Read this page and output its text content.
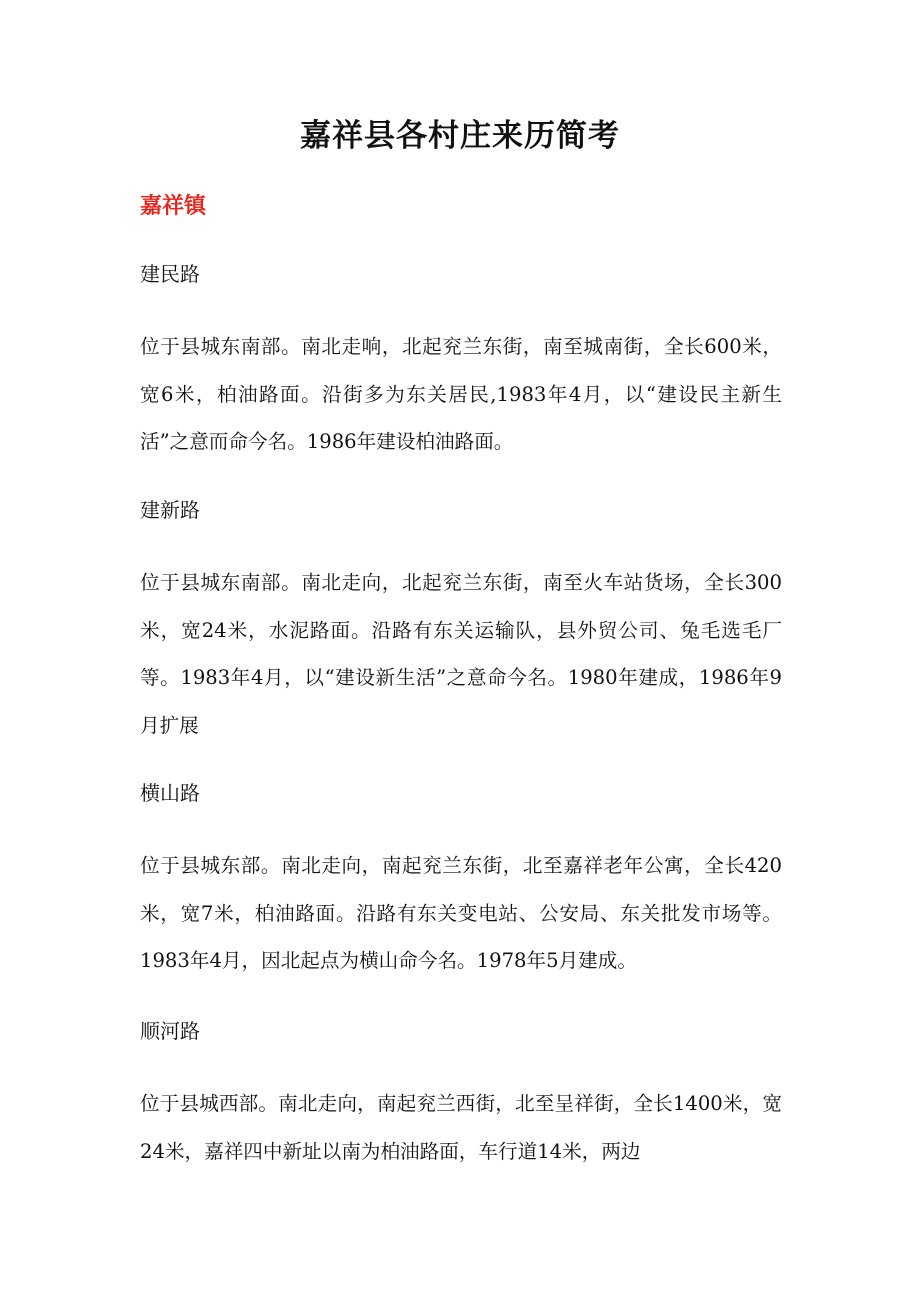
嘉祥县各村庄来历简考
嘉祥镇

建民路

位于县城东南部。南北走响，北起兖兰东街，南至城南街，全长600米，宽6米，柏油路面。沿街多为东关居民,1983年4月，以“建设民主新生活”之意而命今名。1986年建设柏油路面。

建新路

位于县城东南部。南北走向，北起兖兰东街，南至火车站货场，全长300米，宽24米，水泥路面。沿路有东关运输队，县外贸公司、兔毛选毛厂等。1983年4月，以“建设新生活”之意命今名。1980年建成，1986年9月扩展

横山路

位于县城东部。南北走向，南起兖兰东街，北至嘉祥老年公寓，全长420米，宽7米，柏油路面。沿路有东关变电站、公安局、东关批发市场等。1983年4月，因北起点为横山命今名。1978年5月建成。

顺河路

位于县城西部。南北走向，南起兖兰西街，北至呈祥街，全长1400米，宽24米，嘉祥四中新址以南为柏油路面，车行道14米，两边
